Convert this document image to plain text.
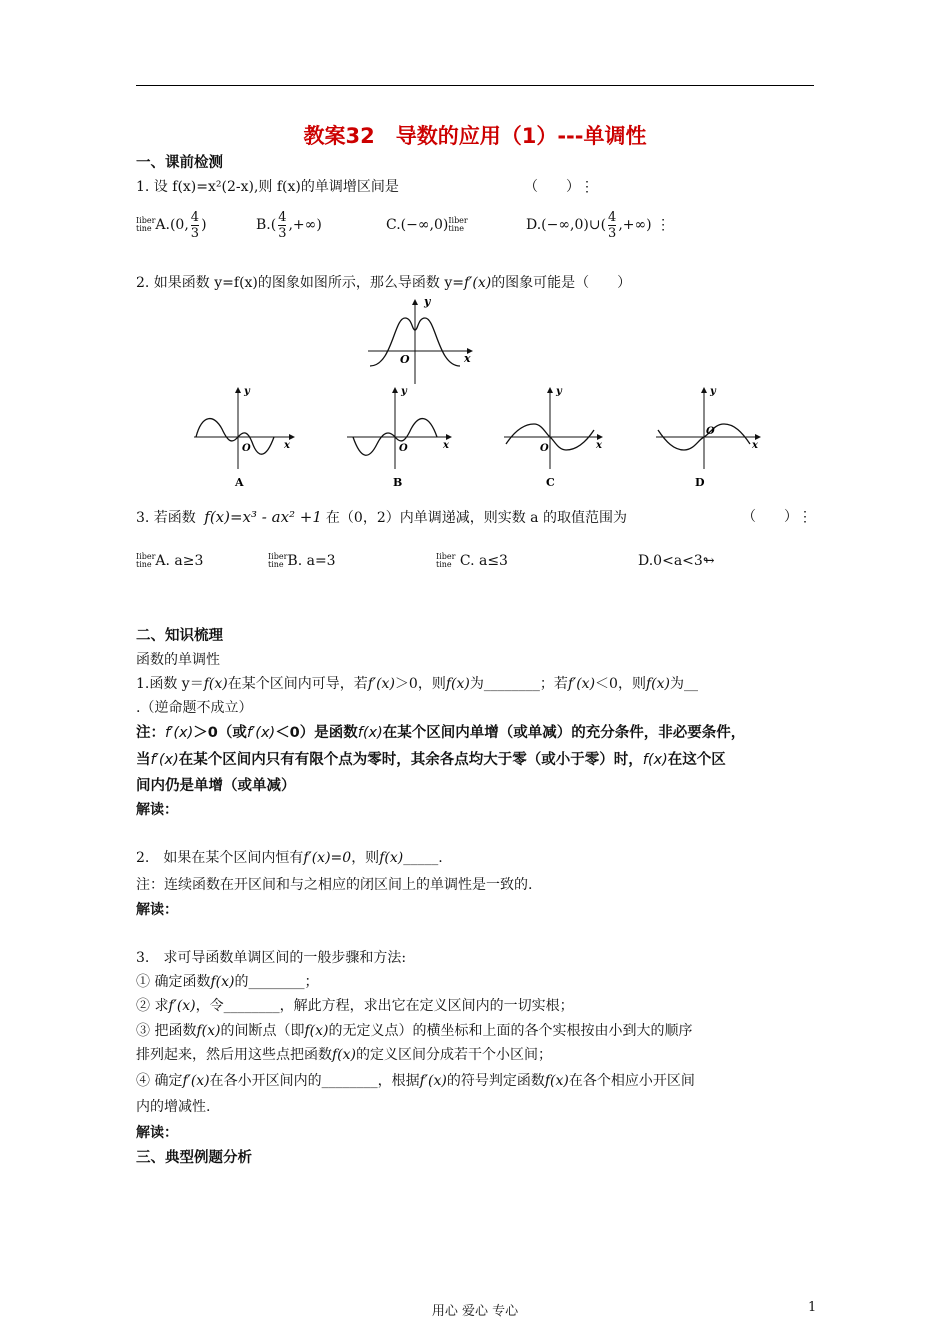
教案32　导数的应用（1）---单调性
一、课前检测
1. 设 f(x)=x²(2-x),则 f(x)的单调增区间是	（　　）⋮
Iiber
tine A.(0, $\frac{4}{3}$ )	$B.( \frac{4}{3}$ ,+∞)	C.(−∞,0)Iiber
tine	D.(−∞,0)∪( $\frac{4}{3}$ ,+∞) ⋮
2. 如果函数 y=f(x)的图象如图所示，那么导函数 y=f′(x)的图象可能是（　　）
y
x
O
y
x
O
A
y
x
O
B
y
x
O
C
y
x
O
D
3. 若函数 f(x)=x³ - ax² +1 在（0，2）内单调递减，则实数 a 的取值范围为	（　　）⋮
Iiber
tine A. a≥3	Iiber
tine B. a=3	Iiber
tine C. a≤3	D.0<a<3↬
二、知识梳理
函数的单调性
1.函数 y＝f(x)在某个区间内可导，若f′(x)＞0，则f(x)为________；若f′(x)＜0，则f(x)为__
.（逆命题不成立）
注：f′(x)＞0（或f′(x)＜0）是函数f(x)在某个区间内单增（或单减）的充分条件，非必要条件，
当f′(x)在某个区间内只有有限个点为零时，其余各点均大于零（或小于零）时，f(x)在这个区
间内仍是单增（或单减）
解读：
2.　如果在某个区间内恒有f′(x)=0，则f(x)_____.
注：连续函数在开区间和与之相应的闭区间上的单调性是一致的.
解读：
3.　求可导函数单调区间的一般步骤和方法:
① 确定函数f(x)的________；
② 求f′(x)，令________，解此方程，求出它在定义区间内的一切实根；
③ 把函数f(x)的间断点（即f(x)的无定义点）的横坐标和上面的各个实根按由小到大的顺序
排列起来，然后用这些点把函数f(x)的定义区间分成若干个小区间；
④ 确定f′(x)在各小开区间内的________，根据f′(x)的符号判定函数f(x)在各个相应小开区间
内的增减性.
解读：
三、典型例题分析
用心 爱心 专心	1
